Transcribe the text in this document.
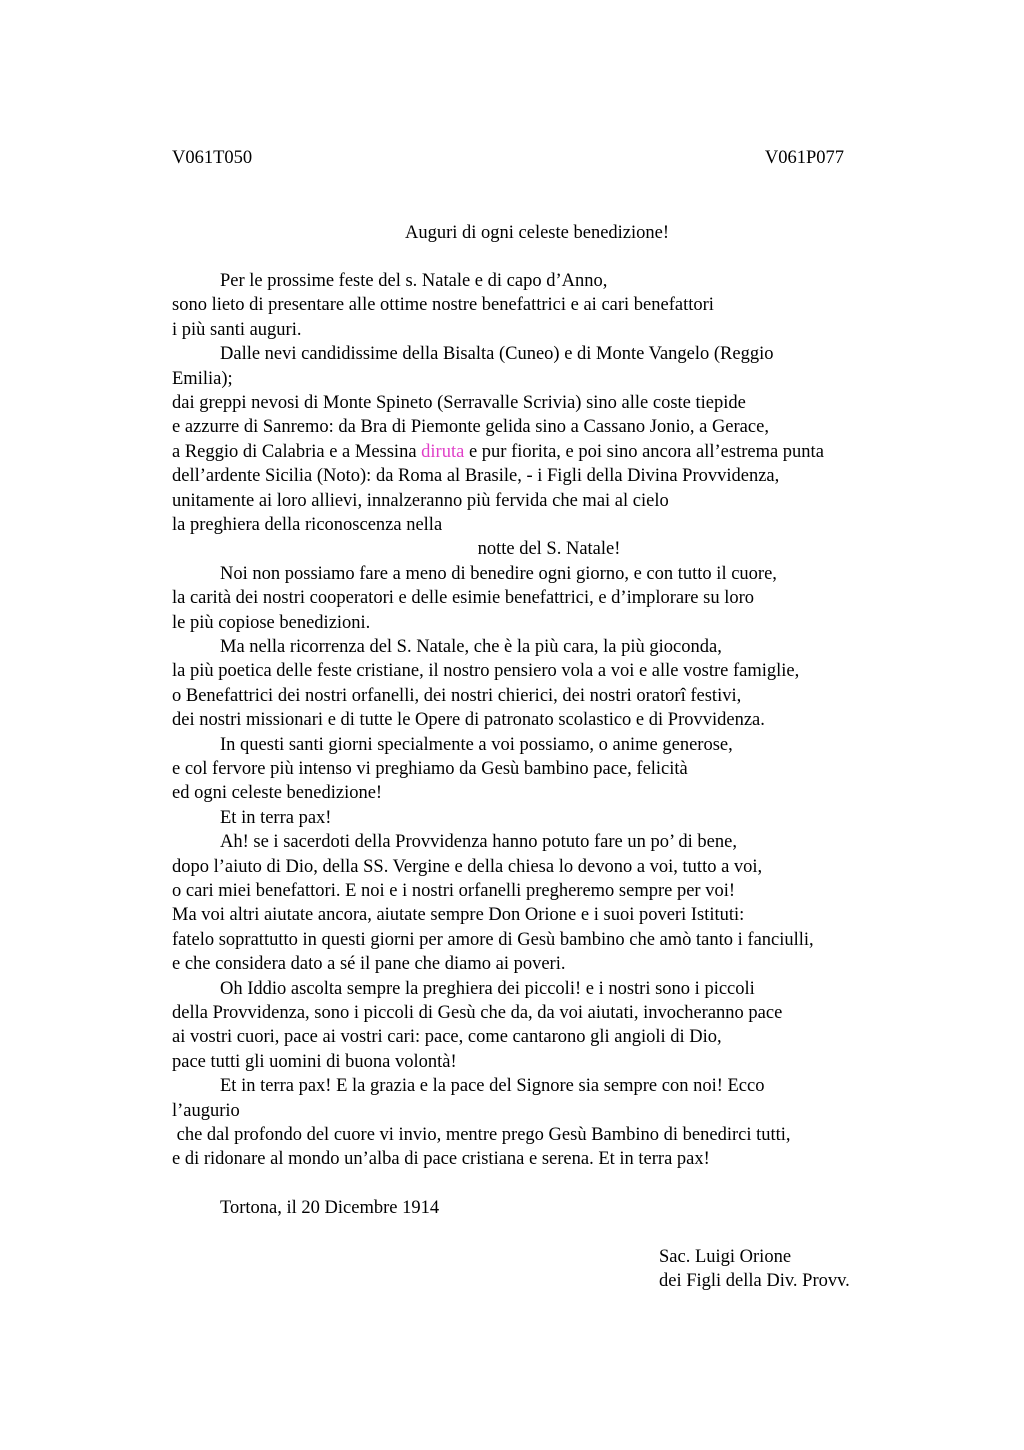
V061T050	V061P077
Auguri di ogni celeste benedizione!
Per le prossime feste del s. Natale e di capo d’Anno,
sono lieto di presentare alle ottime nostre benefattrici e ai cari benefattori
i più santi auguri.
Dalle nevi candidissime della Bisalta (Cuneo) e di Monte Vangelo (Reggio
Emilia);
dai greppi nevosi di Monte Spineto (Serravalle Scrivia) sino alle coste tiepide
e azzurre di Sanremo: da Bra di Piemonte gelida sino a Cassano Jonio, a Gerace,
a Reggio di Calabria e a Messina diruta e pur fiorita, e poi sino ancora all’estrema punta
dell’ardente Sicilia (Noto): da Roma al Brasile, - i Figli della Divina Provvidenza,
unitamente ai loro allievi, innalzeranno più fervida che mai al cielo
la preghiera della riconoscenza nella
notte del S. Natale!
Noi non possiamo fare a meno di benedire ogni giorno, e con tutto il cuore,
la carità dei nostri cooperatori e delle esimie benefattrici, e d’implorare su loro
le più copiose benedizioni.
Ma nella ricorrenza del S. Natale, che è la più cara, la più gioconda,
la più poetica delle feste cristiane, il nostro pensiero vola a voi e alle vostre famiglie,
o Benefattrici dei nostri orfanelli, dei nostri chierici, dei nostri oratorî festivi,
dei nostri missionari e di tutte le Opere di patronato scolastico e di Provvidenza.
In questi santi giorni specialmente a voi possiamo, o anime generose,
e col fervore più intenso vi preghiamo da Gesù bambino pace, felicità
ed ogni celeste benedizione!
Et in terra pax!
Ah! se i sacerdoti della Provvidenza hanno potuto fare un po’ di bene,
dopo l’aiuto di Dio, della SS. Vergine e della chiesa lo devono a voi, tutto a voi,
o cari miei benefattori. E noi e i nostri orfanelli pregheremo sempre per voi!
Ma voi altri aiutate ancora, aiutate sempre Don Orione e i suoi poveri Istituti:
fatelo soprattutto in questi giorni per amore di Gesù bambino che amò tanto i fanciulli,
e che considera dato a sé il pane che diamo ai poveri.
Oh Iddio ascolta sempre la preghiera dei piccoli! e i nostri sono i piccoli
della Provvidenza, sono i piccoli di Gesù che da, da voi aiutati, invocheranno pace
ai vostri cuori, pace ai vostri cari: pace, come cantarono gli angioli di Dio,
pace tutti gli uomini di buona volontà!
Et in terra pax! E la grazia e la pace del Signore sia sempre con noi! Ecco
l’augurio
che dal profondo del cuore vi invio, mentre prego Gesù Bambino di benedirci tutti,
e di ridonare al mondo un’alba di pace cristiana e serena. Et in terra pax!
Tortona, il 20 Dicembre 1914
Sac. Luigi Orione
dei Figli della Div. Provv.
